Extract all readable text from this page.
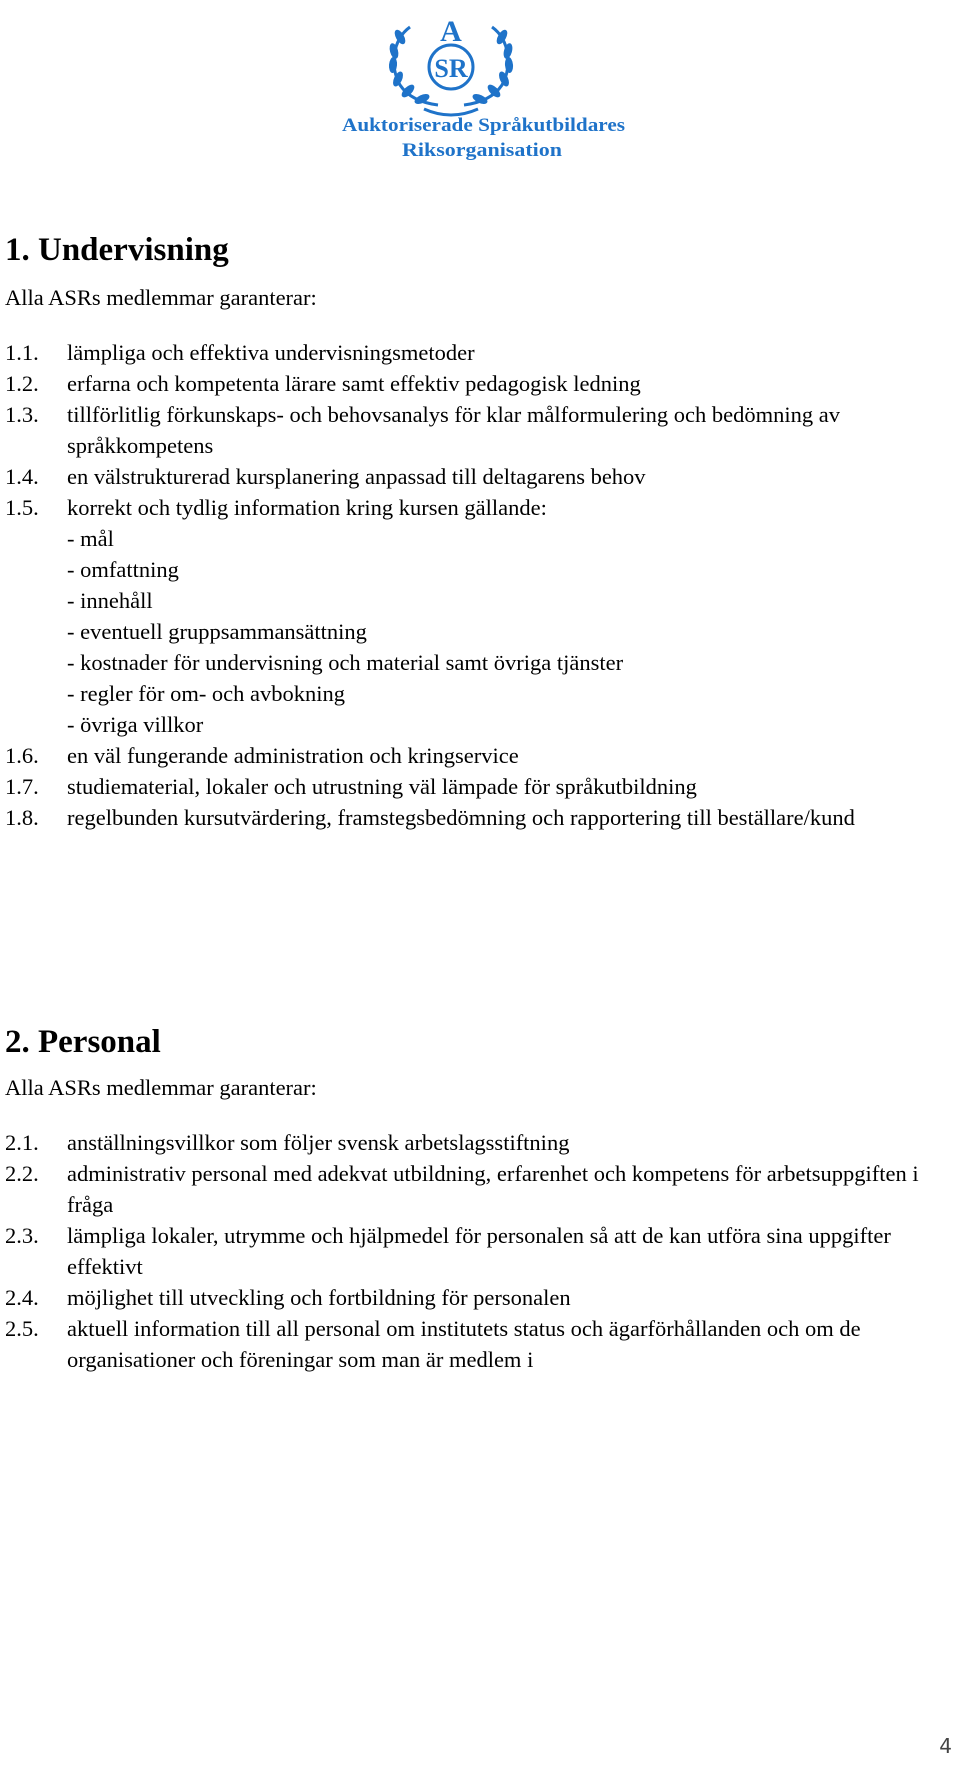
A
SR
Auktoriserade Språkutbildares
Riksorganisation
1. Undervisning
Alla ASRs medlemmar garanterar:
1.1.	lämpliga och effektiva undervisningsmetoder
1.2.	erfarna och kompetenta lärare samt effektiv pedagogisk ledning
1.3.	tillförlitlig förkunskaps- och behovsanalys för klar målformulering och bedömning av språkkompetens
1.4.	en välstrukturerad kursplanering anpassad till deltagarens behov
1.5.	korrekt och tydlig information kring kursen gällande:
- mål
- omfattning
- innehåll
- eventuell gruppsammansättning
- kostnader för undervisning och material samt övriga tjänster
- regler för om- och avbokning
- övriga villkor
1.6.	en väl fungerande administration och kringservice
1.7.	studiematerial, lokaler och utrustning väl lämpade för språkutbildning
1.8.	regelbunden kursutvärdering, framstegsbedömning och rapportering till beställare/kund
2. Personal
Alla ASRs medlemmar garanterar:
2.1.	anställningsvillkor som följer svensk arbetslagsstiftning
2.2.	administrativ personal med adekvat utbildning, erfarenhet och kompetens för arbetsuppgiften i fråga
2.3.	lämpliga lokaler, utrymme och hjälpmedel för personalen så att de kan utföra sina uppgifter effektivt
2.4.	möjlighet till utveckling och fortbildning för personalen
2.5.	aktuell information till all personal om institutets status och ägarförhållanden och om de organisationer och föreningar som man är medlem i
4
